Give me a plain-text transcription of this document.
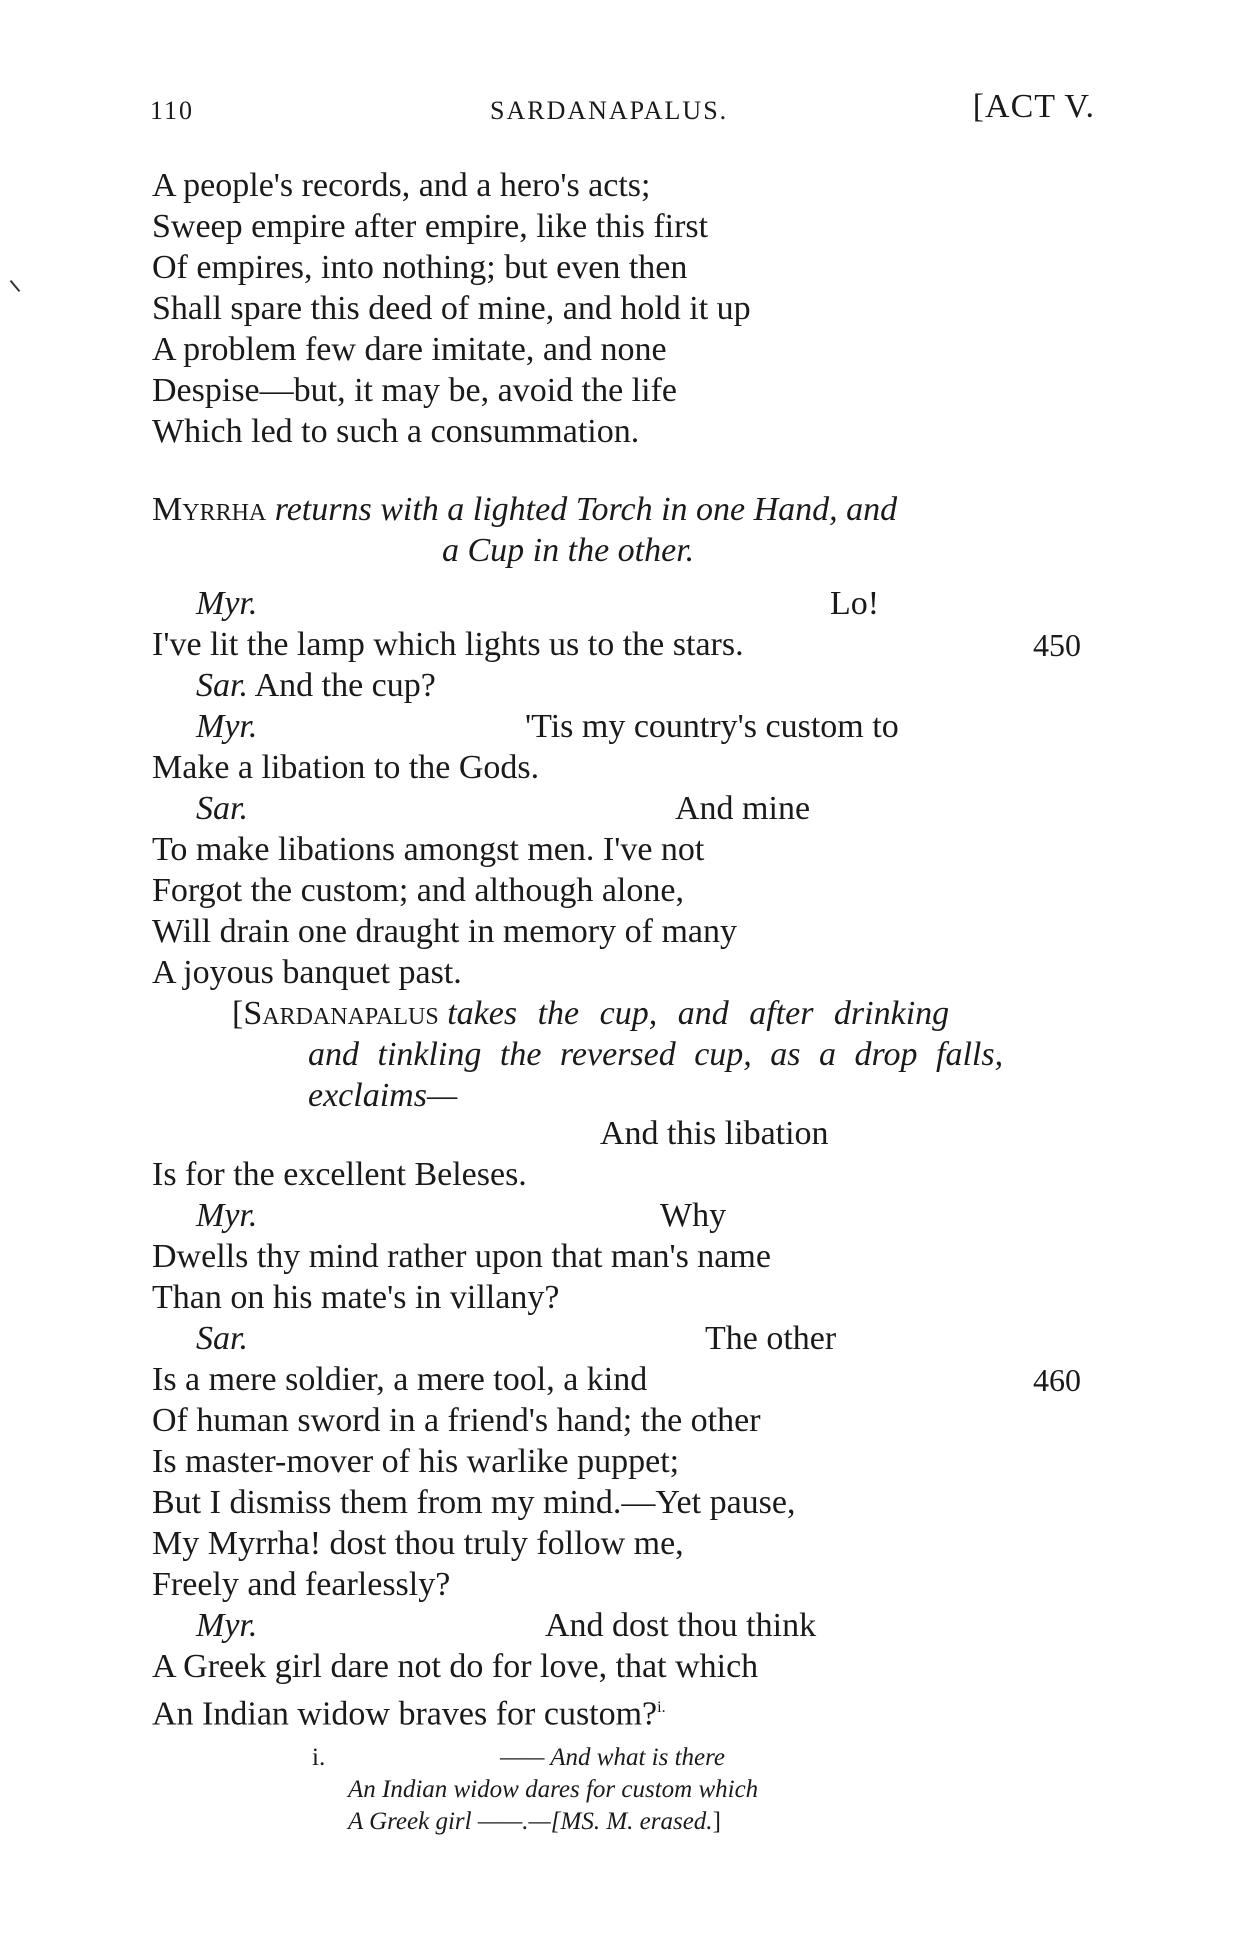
110	SARDANAPALUS.	[ACT V.
A people's records, and a hero's acts;
Sweep empire after empire, like this first
Of empires, into nothing; but even then
Shall spare this deed of mine, and hold it up
A problem few dare imitate, and none
Despise—but, it may be, avoid the life
Which led to such a consummation.
Myrrha returns with a lighted Torch in one Hand, and
a Cup in the other.
Myr.	Lo!
I've lit the lamp which lights us to the stars.	450
Sar. And the cup?
Myr.	'Tis my country's custom to
Make a libation to the Gods.
Sar.	And mine
To make libations amongst men. I've not
Forgot the custom; and although alone,
Will drain one draught in memory of many
A joyous banquet past.
[Sardanapalus takes the cup, and after drinking
and tinkling the reversed cup, as a drop falls,
exclaims—
And this libation
Is for the excellent Beleses.
Myr.	Why
Dwells thy mind rather upon that man's name
Than on his mate's in villany?
Sar.	The other
Is a mere soldier, a mere tool, a kind	460
Of human sword in a friend's hand; the other
Is master-mover of his warlike puppet;
But I dismiss them from my mind.—Yet pause,
My Myrrha! dost thou truly follow me,
Freely and fearlessly?
Myr.	And dost thou think
A Greek girl dare not do for love, that which
An Indian widow braves for custom?$^{i.}$
i.	—— And what is there
An Indian widow dares for custom which
A Greek girl ——.—[MS. M. erased.]
